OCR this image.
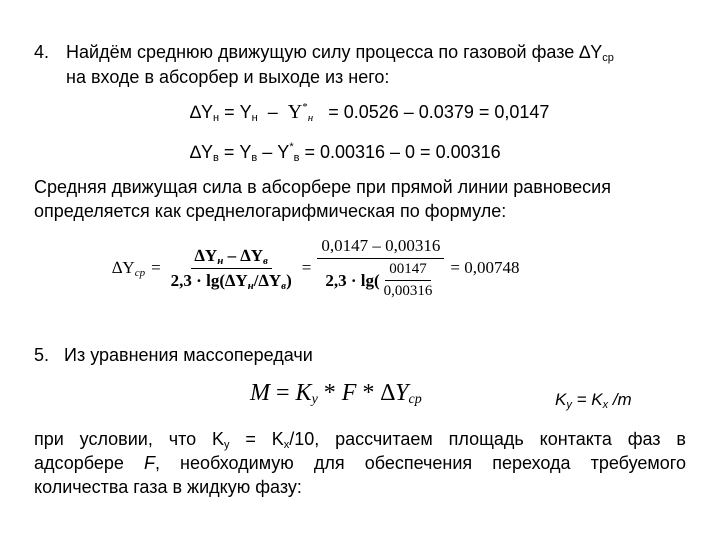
4. Найдём среднюю движущую силу процесса по газовой фазе $\Delta Y_{ср}$
на входе в абсорбер и выходе из него:
$\Delta Y_н = Y_н - Y^*_н = 0.0526 - 0.0379 = 0,0147$
$\Delta Y_в = Y_в - Y^*_в = 0.00316 - 0 = 0.00316$
Средняя движущая сила в абсорбере при прямой линии равновесия
определяется как среднелогарифмическая по формуле:
$\Delta Y_{ср} = \frac{\Delta Y_н - \Delta Y_в}{2,3 \cdot \lg(\Delta Y_н/\Delta Y_в)} = \frac{0,0147 - 0,00316}{2,3 \cdot \lg( \frac{00147}{0,00316}} = 0,00748$
5. Из уравнения массопередачи
$M = K_y * F * \Delta Y_{cp}$	$K_y = K_x$ /m
при условии, что $K_y = K_x/10$, рассчитаем площадь контакта фаз в
адсорбере F, необходимую для обеспечения перехода требуемого
количества газа в жидкую фазу:
